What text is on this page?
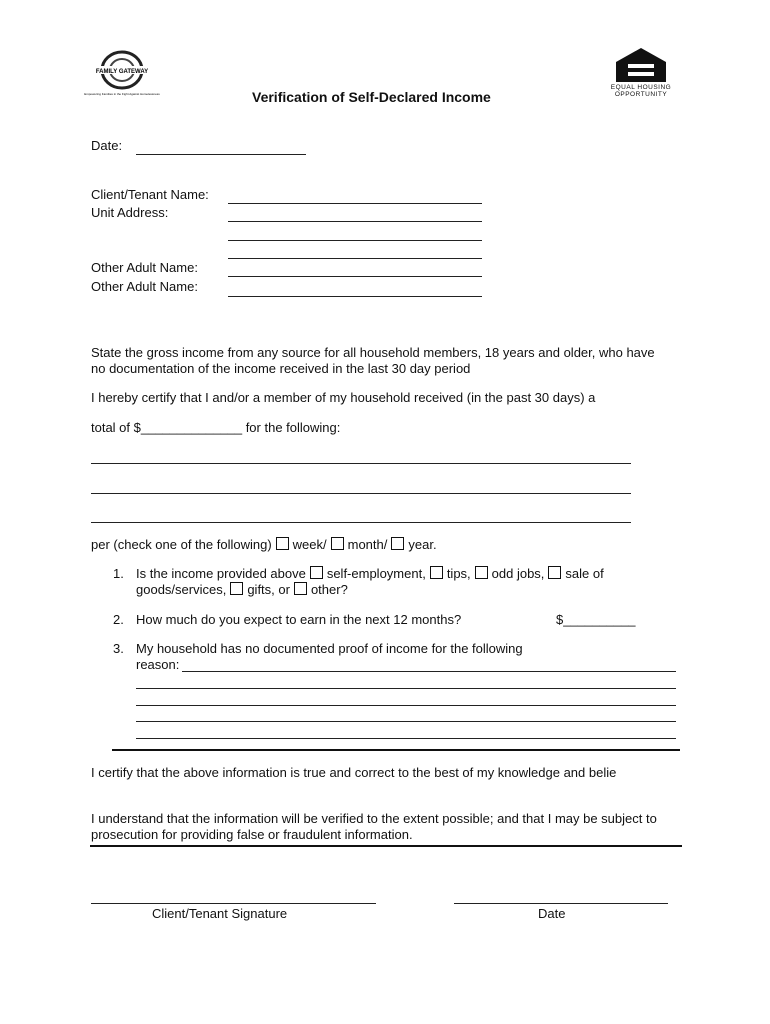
FAMILY GATEWAY
Empowering Families in the Fight Against Homelessness
EQUAL HOUSING
OPPORTUNITY
Verification of Self-Declared Income
Date:
Client/Tenant Name:
Unit Address:
Other Adult Name:
Other Adult Name:
State the gross income from any source for all household members, 18 years and older, who have no documentation of the income received in the last 30 day period
I hereby certify that I and/or a member of my household received (in the past 30 days) a
total of $______________ for the following:
per (check one of the following) week/ month/ year.
1. Is the income provided above self-employment, tips, odd jobs, sale of
goods/services, gifts, or other?
2. How much do you expect to earn in the next 12 months?	$__________
3. My household has no documented proof of income for the following
reason:
I certify that the above information is true and correct to the best of my knowledge and belie
I understand that the information will be verified to the extent possible; and that I may be subject to prosecution for providing false or fraudulent information.
Client/Tenant Signature	Date
